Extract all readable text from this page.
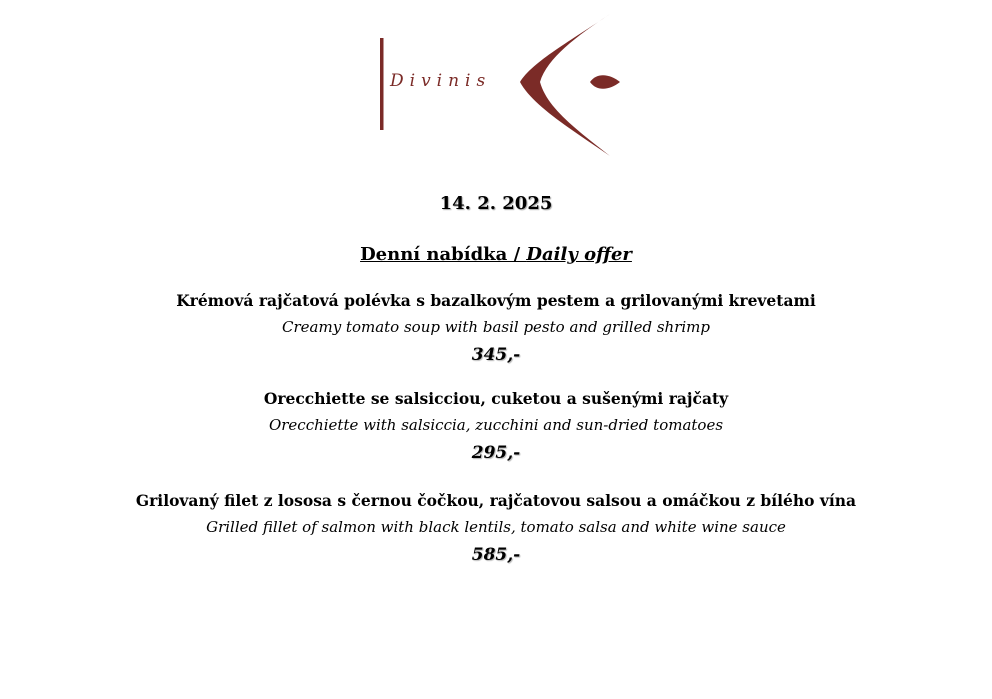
Divinis
14. 2. 2025
Denní nabídka / Daily offer
Krémová rajčatová polévka s bazalkovým pestem a grilovanými krevetami
Creamy tomato soup with basil pesto and grilled shrimp
345,-
Orecchiette se salsicciou, cuketou a sušenými rajčaty
Orecchiette with salsiccia, zucchini and sun-dried tomatoes
295,-
Grilovaný filet z lososa s černou čočkou, rajčatovou salsou a omáčkou z bílého vína
Grilled fillet of salmon with black lentils, tomato salsa and white wine sauce
585,-
